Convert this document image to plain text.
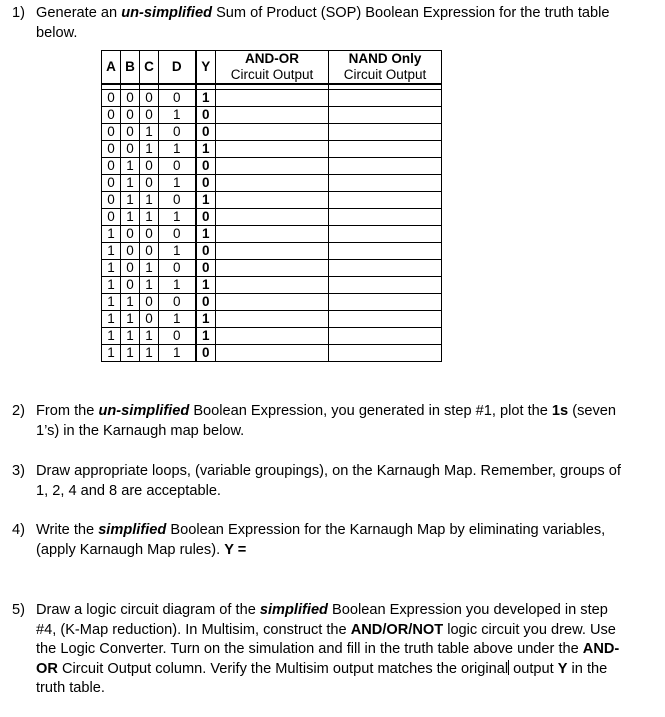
1) Generate an un-simplified Sum of Product (SOP) Boolean Expression for the truth table below.
A	B	C	D	Y	AND-OR
Circuit Output	NAND Only
Circuit Output

0	0	0	0	1		
0	0	0	1	0		
0	0	1	0	0		
0	0	1	1	1		
0	1	0	0	0		
0	1	0	1	0		
0	1	1	0	1		
0	1	1	1	0		
1	0	0	0	1		
1	0	0	1	0		
1	0	1	0	0		
1	0	1	1	1		
1	1	0	0	0		
1	1	0	1	1		
1	1	1	0	1		
1	1	1	1	0		
2) From the un-simplified Boolean Expression, you generated in step #1, plot the 1s (seven 1’s) in the Karnaugh map below.
3) Draw appropriate loops, (variable groupings), on the Karnaugh Map. Remember, groups of 1, 2, 4 and 8 are acceptable.
4) Write the simplified Boolean Expression for the Karnaugh Map by eliminating variables, (apply Karnaugh Map rules). Y =
5) Draw a logic circuit diagram of the simplified Boolean Expression you developed in step #4, (K-Map reduction). In Multisim, construct the AND/OR/NOT logic circuit you drew. Use the Logic Converter. Turn on the simulation and fill in the truth table above under the AND-OR Circuit Output column. Verify the Multisim output matches the original output Y in the truth table.
